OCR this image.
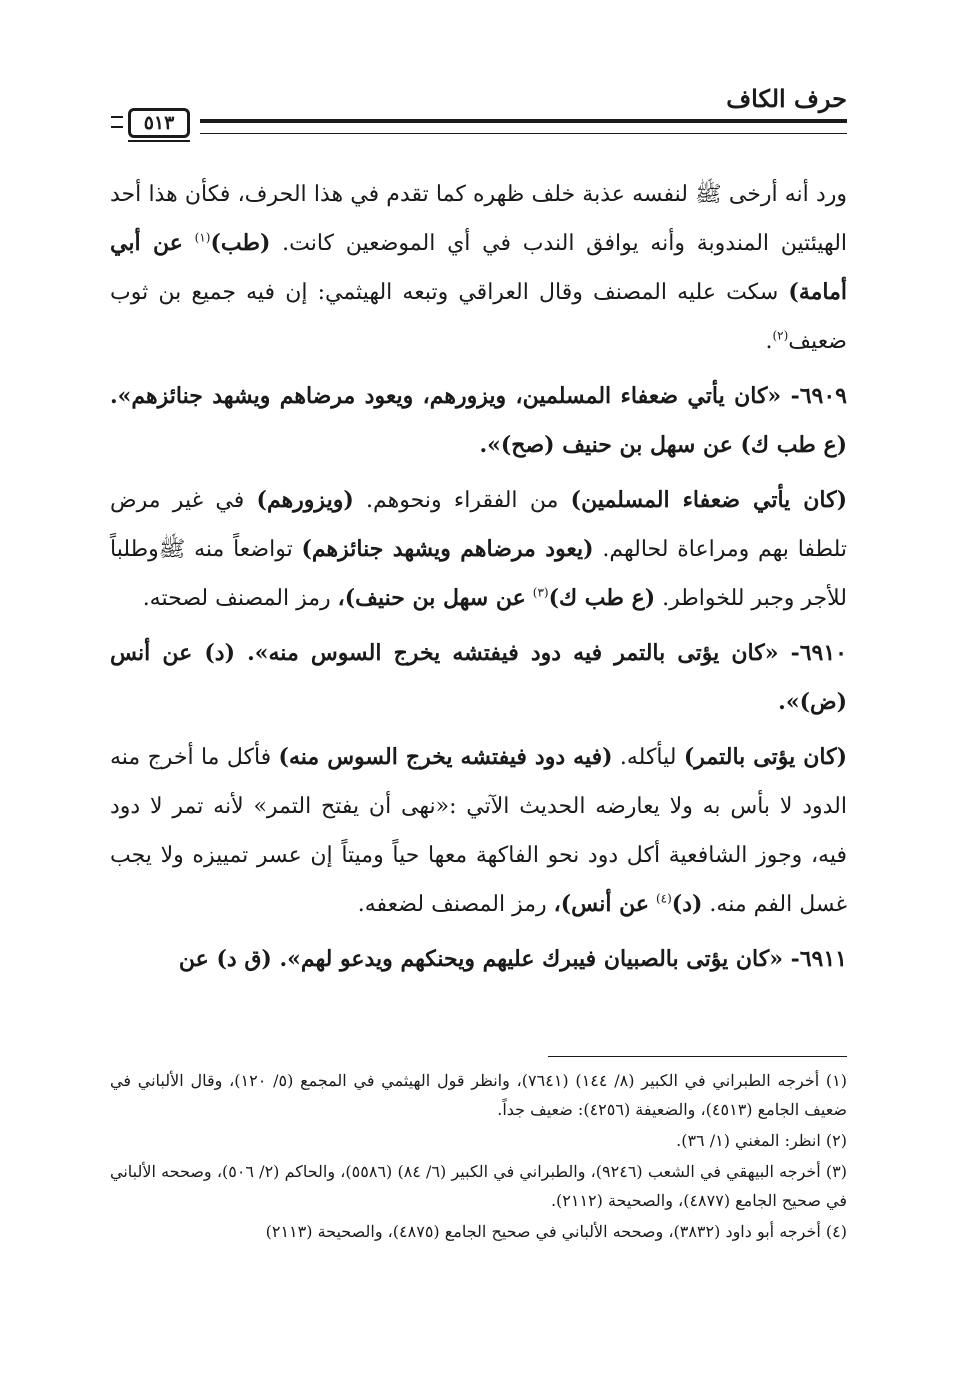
حرف الكاف
٥١٣

ورد أنه أرخى ﷺ لنفسه عذبة خلف ظهره كما تقدم في هذا الحرف، فكأن هذا أحد الهيئتين المندوبة وأنه يوافق الندب في أي الموضعين كانت. (طب)$^{(١)}$ عن أبي أمامة) سكت عليه المصنف وقال العراقي وتبعه الهيثمي: إن فيه جميع بن ثوب ضعيف$^{(٢)}$.

٦٩٠٩- «كان يأتي ضعفاء المسلمين، ويزورهم، ويعود مرضاهم ويشهد جنائزهم». (ع طب ك) عن سهل بن حنيف (صح)».

(كان يأتي ضعفاء المسلمين) من الفقراء ونحوهم. (ويزورهم) في غير مرض تلطفا بهم ومراعاة لحالهم. (يعود مرضاهم ويشهد جنائزهم) تواضعاً منه ﷺوطلباً للأجر وجبر للخواطر. (ع طب ك)$^{(٣)}$ عن سهل بن حنيف)، رمز المصنف لصحته.

٦٩١٠- «كان يؤتى بالتمر فيه دود فيفتشه يخرج السوس منه». (د) عن أنس (ض)».

(كان يؤتى بالتمر) ليأكله. (فيه دود فيفتشه يخرج السوس منه) فأكل ما أخرج منه الدود لا بأس به ولا يعارضه الحديث الآتي :«نهى أن يفتح التمر» لأنه تمر لا دود فيه، وجوز الشافعية أكل دود نحو الفاكهة معها حياً وميتاً إن عسر تمييزه ولا يجب غسل الفم منه. (د)$^{(٤)}$ عن أنس)، رمز المصنف لضعفه.

٦٩١١- «كان يؤتى بالصبيان فيبرك عليهم ويحنكهم ويدعو لهم». (ق د) عن

(١) أخرجه الطبراني في الكبير (٨/ ١٤٤) (٧٦٤١)، وانظر قول الهيثمي في المجمع (٥/ ١٢٠)، وقال الألباني في ضعيف الجامع (٤٥١٣)، والضعيفة (٤٢٥٦): ضعيف جداً.

(٢) انظر: المغني (١/ ٣٦).

(٣) أخرجه البيهقي في الشعب (٩٢٤٦)، والطبراني في الكبير (٦/ ٨٤) (٥٥٨٦)، والحاكم (٢/ ٥٠٦)، وصححه الألباني في صحيح الجامع (٤٨٧٧)، والصحيحة (٢١١٢).

(٤) أخرجه أبو داود (٣٨٣٢)، وصححه الألباني في صحيح الجامع (٤٨٧٥)، والصحيحة (٢١١٣)
